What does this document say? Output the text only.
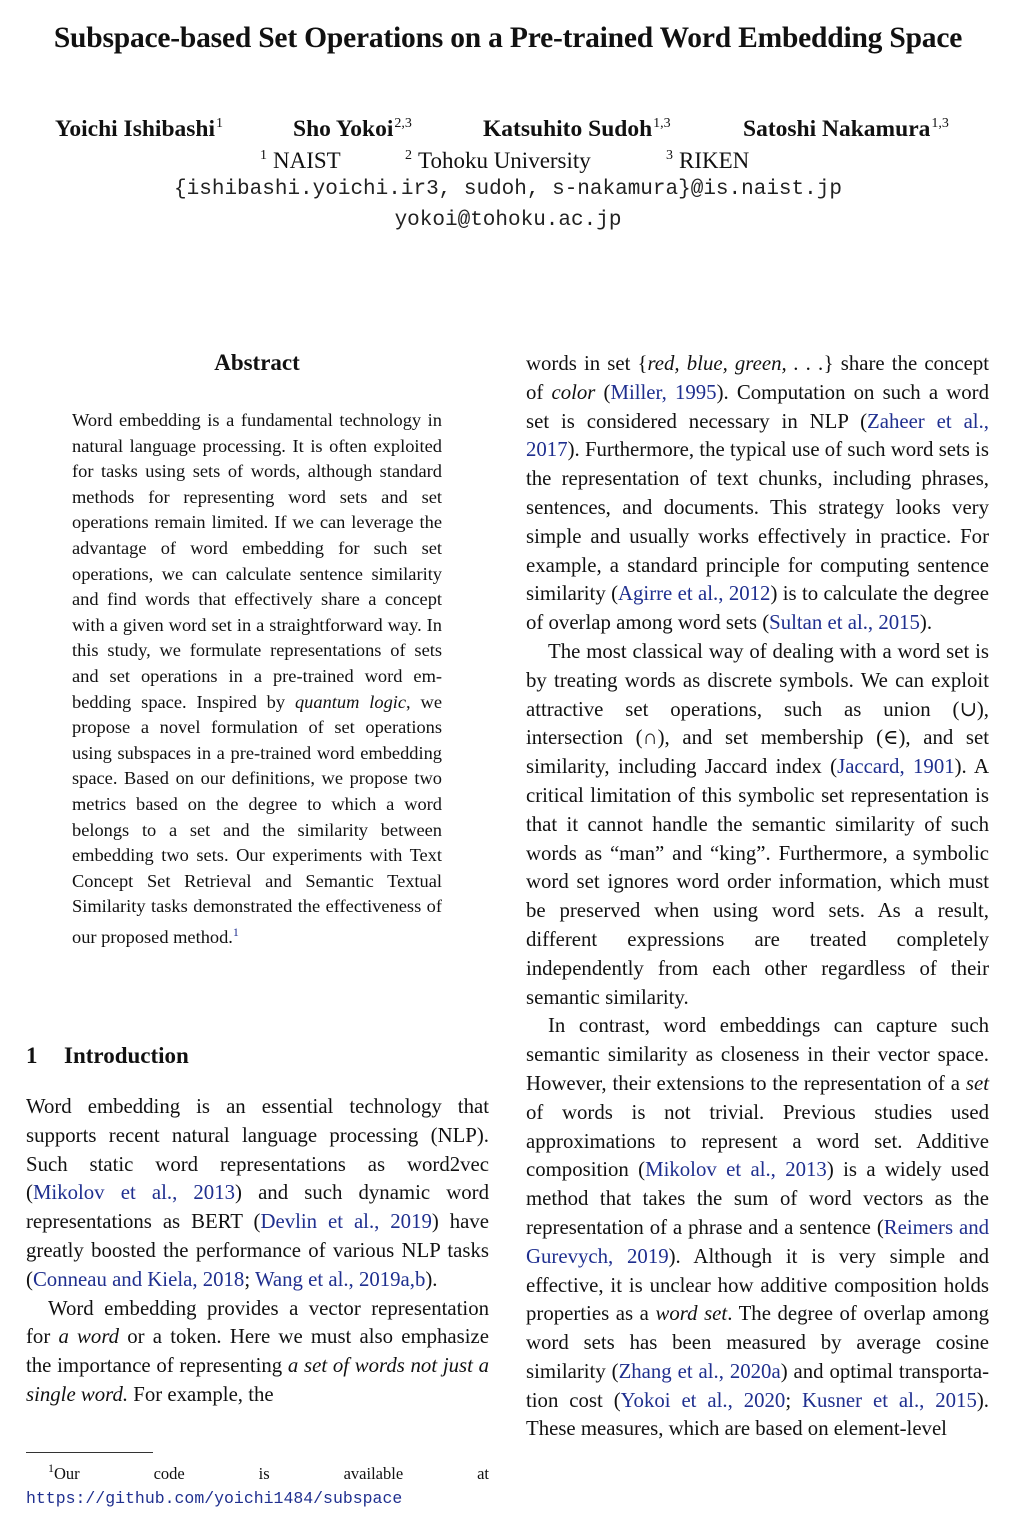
Subspace-based Set Operations on a Pre-trained Word Embedding Space
Yoichi Ishibashi$^1$	Sho Yokoi$^{2,3}$	Katsuhito Sudoh$^{1,3}$	Satoshi Nakamura$^{1,3}$
$^1$ NAIST	$^2$ Tohoku University	$^3$ RIKEN
{ishibashi.yoichi.ir3, sudoh, s-nakamura}@is.naist.jp
yokoi@tohoku.ac.jp
Abstract
Word embedding is a fundamental technology in natural language processing. It is often exploited for tasks using sets of words, although standard methods for representing word sets and set operations remain limited. If we can leverage the advantage of word embedding for such set operations, we can calculate sentence similarity and find words that effectively share a concept with a given word set in a straightforward way. In this study, we formulate representations of sets and set operations in a pre-trained word embedding space. Inspired by quantum logic, we propose a novel formulation of set operations using subspaces in a pre-trained word embedding space. Based on our definitions, we propose two metrics based on the degree to which a word belongs to a set and the similarity between embedding two sets. Our experiments with Text Concept Set Retrieval and Semantic Textual Similarity tasks demonstrated the effectiveness of our proposed method.$^1$
1 Introduction

Word embedding is an essential technology that supports recent natural language processing (NLP). Such static word representations as word2vec (Mikolov et al., 2013) and such dynamic word representations as BERT (Devlin et al., 2019) have greatly boosted the performance of various NLP tasks (Conneau and Kiela, 2018; Wang et al., 2019a,b).

Word embedding provides a vector representation for a word or a token. Here we must also emphasize the importance of representing a set of words not just a single word. For example, the

$^1$Our code is available at https://github.com/yoichi1484/subspace

words in set {red, blue, green, . . .} share the concept of color (Miller, 1995). Computation on such a word set is considered necessary in NLP (Zaheer et al., 2017). Furthermore, the typical use of such word sets is the representation of text chunks, including phrases, sentences, and documents. This strategy looks very simple and usually works effectively in practice. For example, a standard principle for computing sentence similarity (Agirre et al., 2012) is to calculate the degree of overlap among word sets (Sultan et al., 2015).

The most classical way of dealing with a word set is by treating words as discrete symbols. We can exploit attractive set operations, such as union (∪), intersection (∩), and set membership (∈), and set similarity, including Jaccard index (Jaccard, 1901). A critical limitation of this symbolic set representation is that it cannot handle the semantic similarity of such words as “man” and “king”. Furthermore, a symbolic word set ignores word order information, which must be preserved when using word sets. As a result, different expressions are treated completely independently from each other regardless of their semantic similarity.

In contrast, word embeddings can capture such semantic similarity as closeness in their vector space. However, their extensions to the representation of a set of words is not trivial. Previous studies used approximations to represent a word set. Additive composition (Mikolov et al., 2013) is a widely used method that takes the sum of word vectors as the representation of a phrase and a sentence (Reimers and Gurevych, 2019). Although it is very simple and effective, it is unclear how additive composition holds properties as a word set. The degree of overlap among word sets has been measured by average cosine similarity (Zhang et al., 2020a) and optimal transportation cost (Yokoi et al., 2020; Kusner et al., 2015). These measures, which are based on element-level
